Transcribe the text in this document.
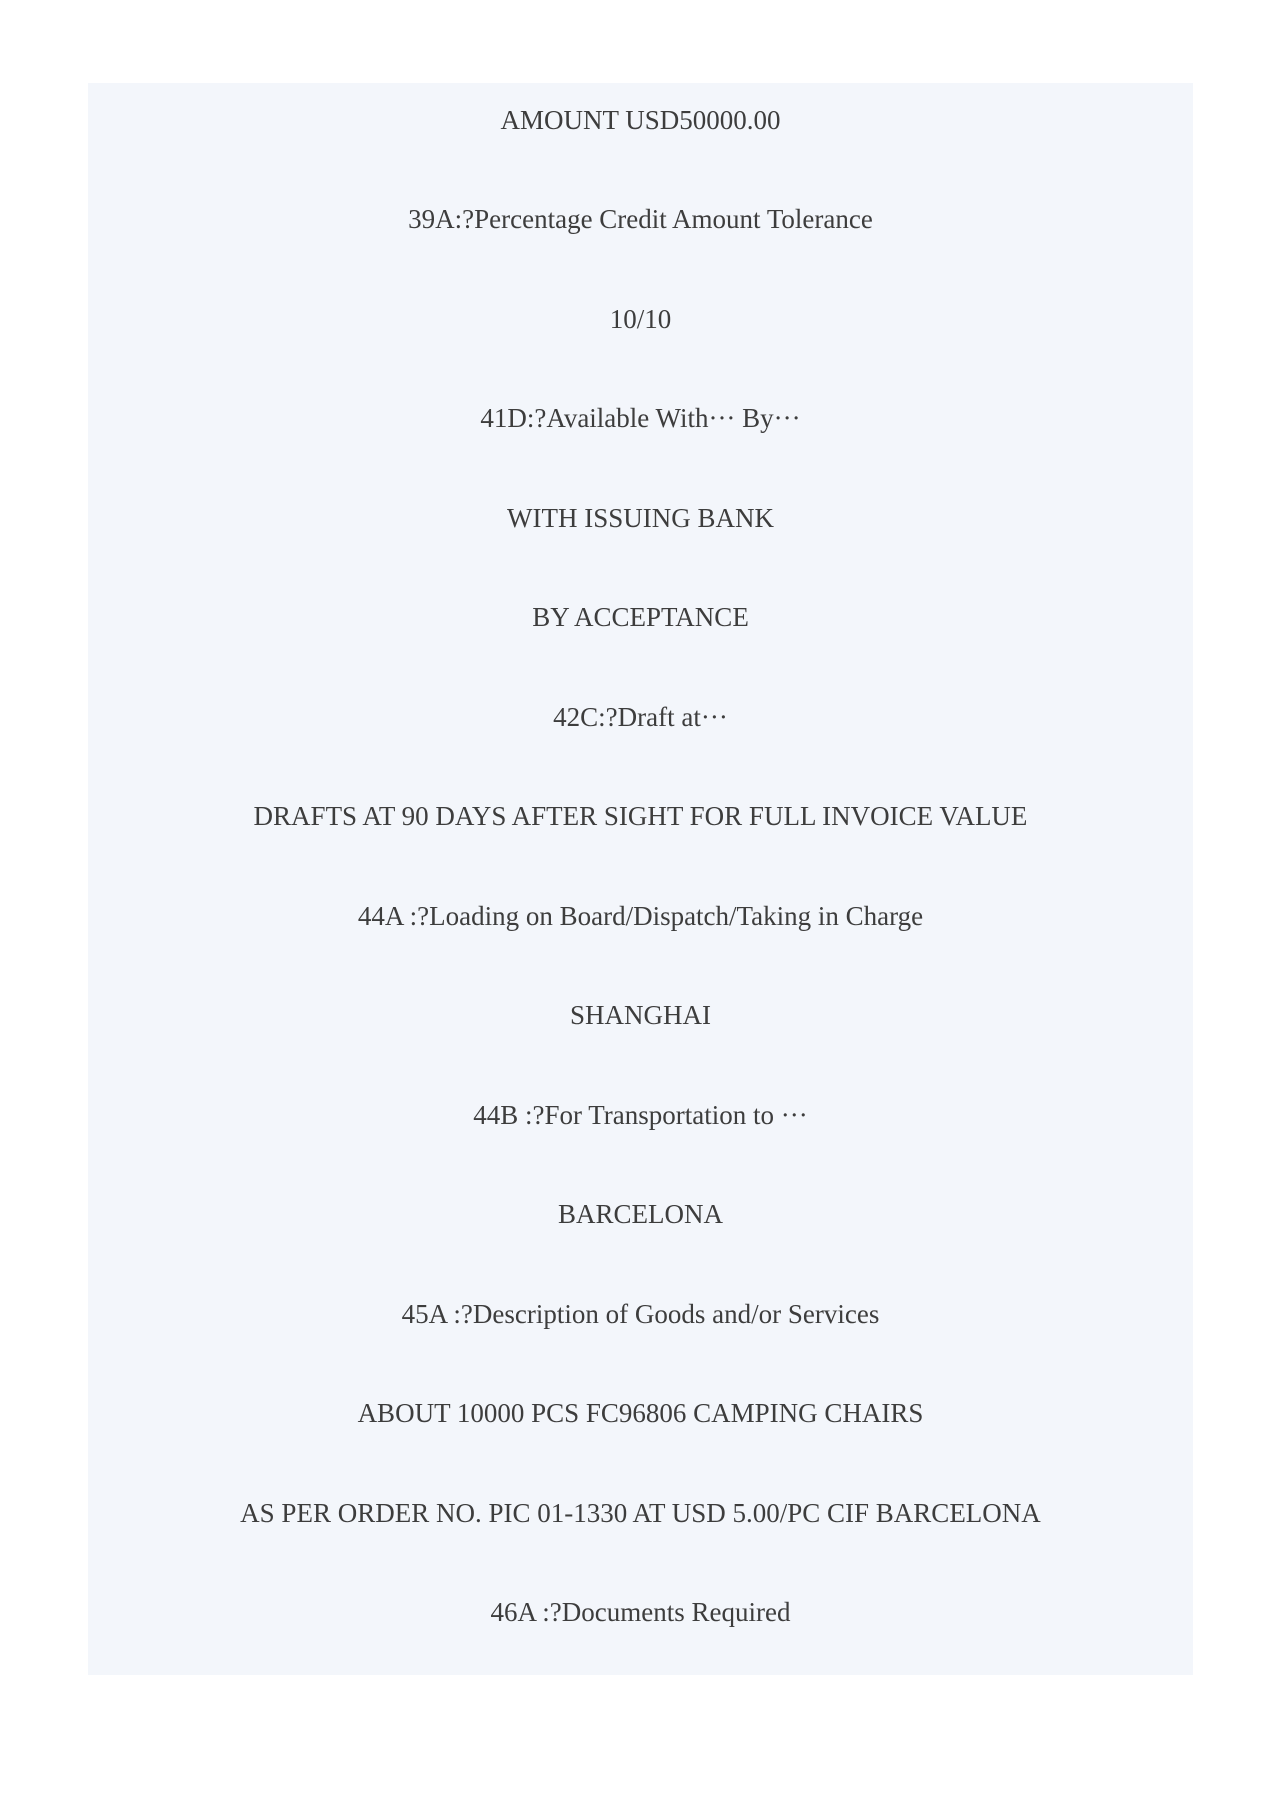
AMOUNT USD50000.00
39A:?Percentage Credit Amount Tolerance
10/10
41D:?Available With··· By···
WITH ISSUING BANK
BY ACCEPTANCE
42C:?Draft at···
DRAFTS AT 90 DAYS AFTER SIGHT FOR FULL INVOICE VALUE
44A :?Loading on Board/Dispatch/Taking in Charge
SHANGHAI
44B :?For Transportation to ···
BARCELONA
45A :?Description of Goods and/or Services
ABOUT 10000 PCS FC96806 CAMPING CHAIRS
AS PER ORDER NO. PIC 01-1330 AT USD 5.00/PC CIF BARCELONA
46A :?Documents Required
